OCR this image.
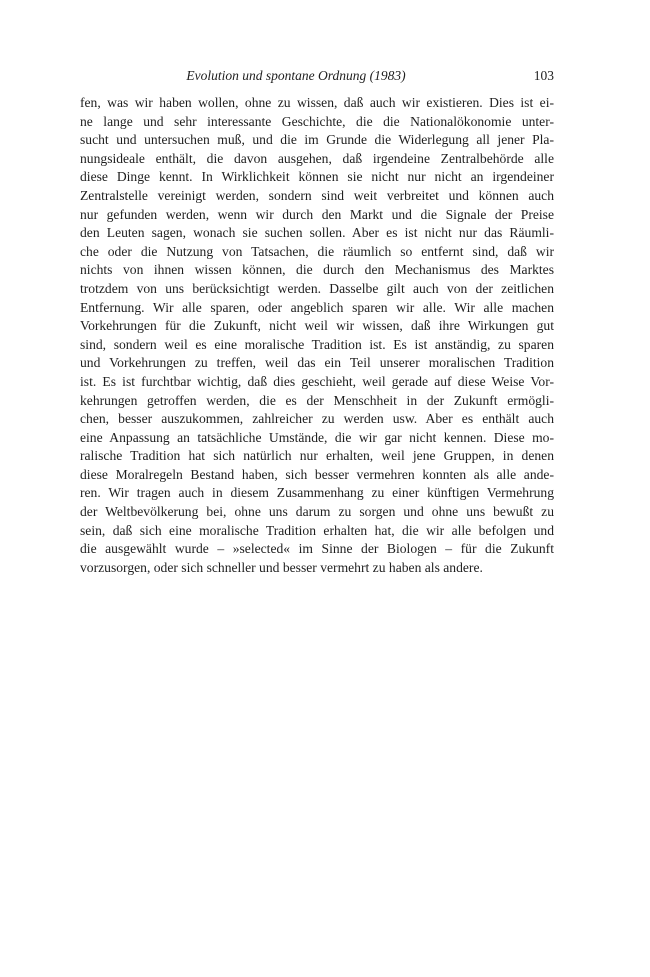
Evolution und spontane Ordnung (1983)	103
fen, was wir haben wollen, ohne zu wissen, daß auch wir existieren. Dies ist ei-
ne lange und sehr interessante Geschichte, die die Nationalökonomie unter-
sucht und untersuchen muß, und die im Grunde die Widerlegung all jener Pla-
nungsideale enthält, die davon ausgehen, daß irgendeine Zentralbehörde alle
diese Dinge kennt. In Wirklichkeit können sie nicht nur nicht an irgendeiner
Zentralstelle vereinigt werden, sondern sind weit verbreitet und können auch
nur gefunden werden, wenn wir durch den Markt und die Signale der Preise
den Leuten sagen, wonach sie suchen sollen. Aber es ist nicht nur das Räumli-
che oder die Nutzung von Tatsachen, die räumlich so entfernt sind, daß wir
nichts von ihnen wissen können, die durch den Mechanismus des Marktes
trotzdem von uns berücksichtigt werden. Dasselbe gilt auch von der zeitlichen
Entfernung. Wir alle sparen, oder angeblich sparen wir alle. Wir alle machen
Vorkehrungen für die Zukunft, nicht weil wir wissen, daß ihre Wirkungen gut
sind, sondern weil es eine moralische Tradition ist. Es ist anständig, zu sparen
und Vorkehrungen zu treffen, weil das ein Teil unserer moralischen Tradition
ist. Es ist furchtbar wichtig, daß dies geschieht, weil gerade auf diese Weise Vor-
kehrungen getroffen werden, die es der Menschheit in der Zukunft ermögli-
chen, besser auszukommen, zahlreicher zu werden usw. Aber es enthält auch
eine Anpassung an tatsächliche Umstände, die wir gar nicht kennen. Diese mo-
ralische Tradition hat sich natürlich nur erhalten, weil jene Gruppen, in denen
diese Moralregeln Bestand haben, sich besser vermehren konnten als alle ande-
ren. Wir tragen auch in diesem Zusammenhang zu einer künftigen Vermehrung
der Weltbevölkerung bei, ohne uns darum zu sorgen und ohne uns bewußt zu
sein, daß sich eine moralische Tradition erhalten hat, die wir alle befolgen und
die ausgewählt wurde – »selected« im Sinne der Biologen – für die Zukunft
vorzusorgen, oder sich schneller und besser vermehrt zu haben als andere.
